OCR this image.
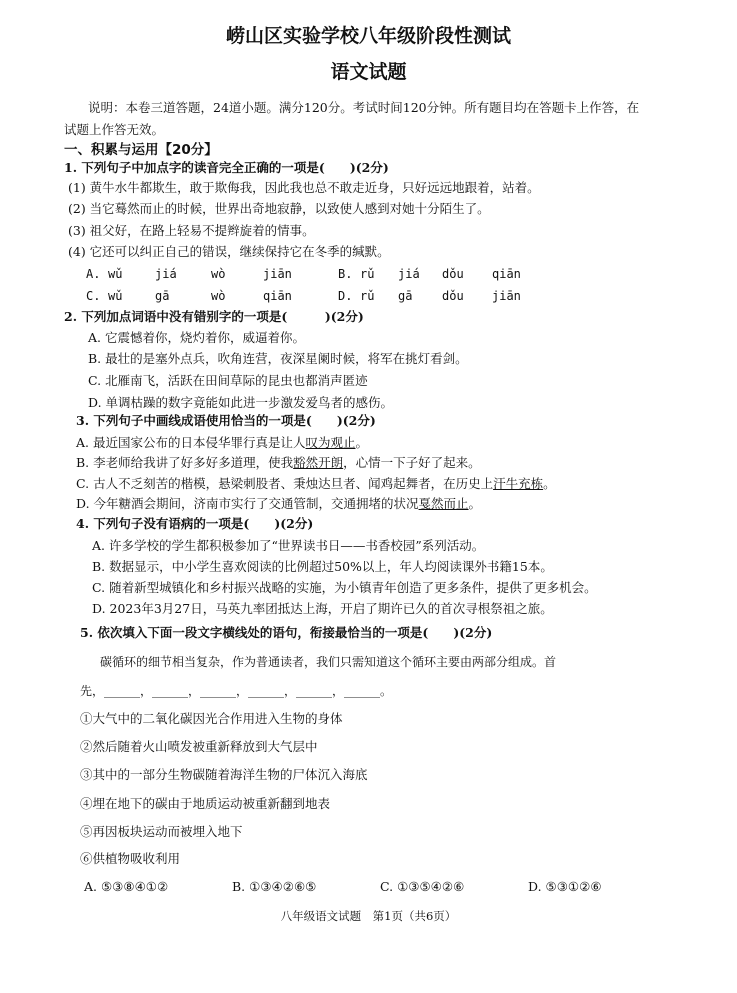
崂山区实验学校八年级阶段性测试
语文试题
说明：本卷三道答题，24道小题。满分120分。考试时间120分钟。所有题目均在答题卡上作答，在
试题上作答无效。
一、积累与运用【20分】
1. 下列句子中加点字的读音完全正确的一项是(　　)(2分)
(1) 黄牛水牛都欺生，敢于欺侮我，因此我也总不敢走近身，只好远远地跟着，站着。
(2) 当它蓦然而止的时候，世界出奇地寂静，以致使人感到对她十分陌生了。
(3) 祖父好，在路上轻易不提辫旋着的情事。
(4) 它还可以纠正自己的错误，继续保持它在冬季的缄默。
A. wǔ	jiá	wò	jiān	B. rǔ jiá dǒu qiān
C. wǔ	gā	wò	qiān	D. rǔ gā dǒu jiān
2. 下列加点词语中没有错别字的一项是(　　　)(2分)
A. 它震憾着你，烧灼着你，威逼着你。
B. 最壮的是塞外点兵，吹角连营，夜深星阑时候，将军在挑灯看剑。
C. 北雁南飞，活跃在田间草际的昆虫也都消声匿迹
D. 单调枯躁的数字竟能如此进一步激发爱鸟者的感伤。
3. 下列句子中画线成语使用恰当的一项是(　　)(2分)
A. 最近国家公布的日本侵华罪行真是让人叹为观止。
B. 李老师给我讲了好多好多道理，使我豁然开朗，心情一下子好了起来。
C. 古人不乏刻苦的楷模，悬梁刺股者、秉烛达旦者、闻鸡起舞者，在历史上汗牛充栋。
D. 今年糖酒会期间，济南市实行了交通管制，交通拥堵的状况戛然而止。
4. 下列句子没有语病的一项是(　　)(2分)
A. 许多学校的学生都积极参加了“世界读书日——书香校园”系列活动。
B. 数据显示，中小学生喜欢阅读的比例超过50%以上，年人均阅读课外书籍15本。
C. 随着新型城镇化和乡村振兴战略的实施，为小镇青年创造了更多条件，提供了更多机会。
D. 2023年3月27日，马英九率团抵达上海，开启了期许已久的首次寻根祭祖之旅。
5. 依次填入下面一段文字横线处的语句，衔接最恰当的一项是(　　)(2分)
碳循环的细节相当复杂，作为普通读者，我们只需知道这个循环主要由两部分组成。首
先，______，______，______，______，______，______。
①大气中的二氧化碳因光合作用进入生物的身体
②然后随着火山喷发被重新释放到大气层中
③其中的一部分生物碳随着海洋生物的尸体沉入海底
④埋在地下的碳由于地质运动被重新翻到地表
⑤再因板块运动而被埋入地下
⑥供植物吸收利用
A. ⑤③⑧④①②	B. ①③④②⑥⑤	C. ①③⑤④②⑥	D. ⑤③①②⑥
八年级语文试题　第1页（共6页）
